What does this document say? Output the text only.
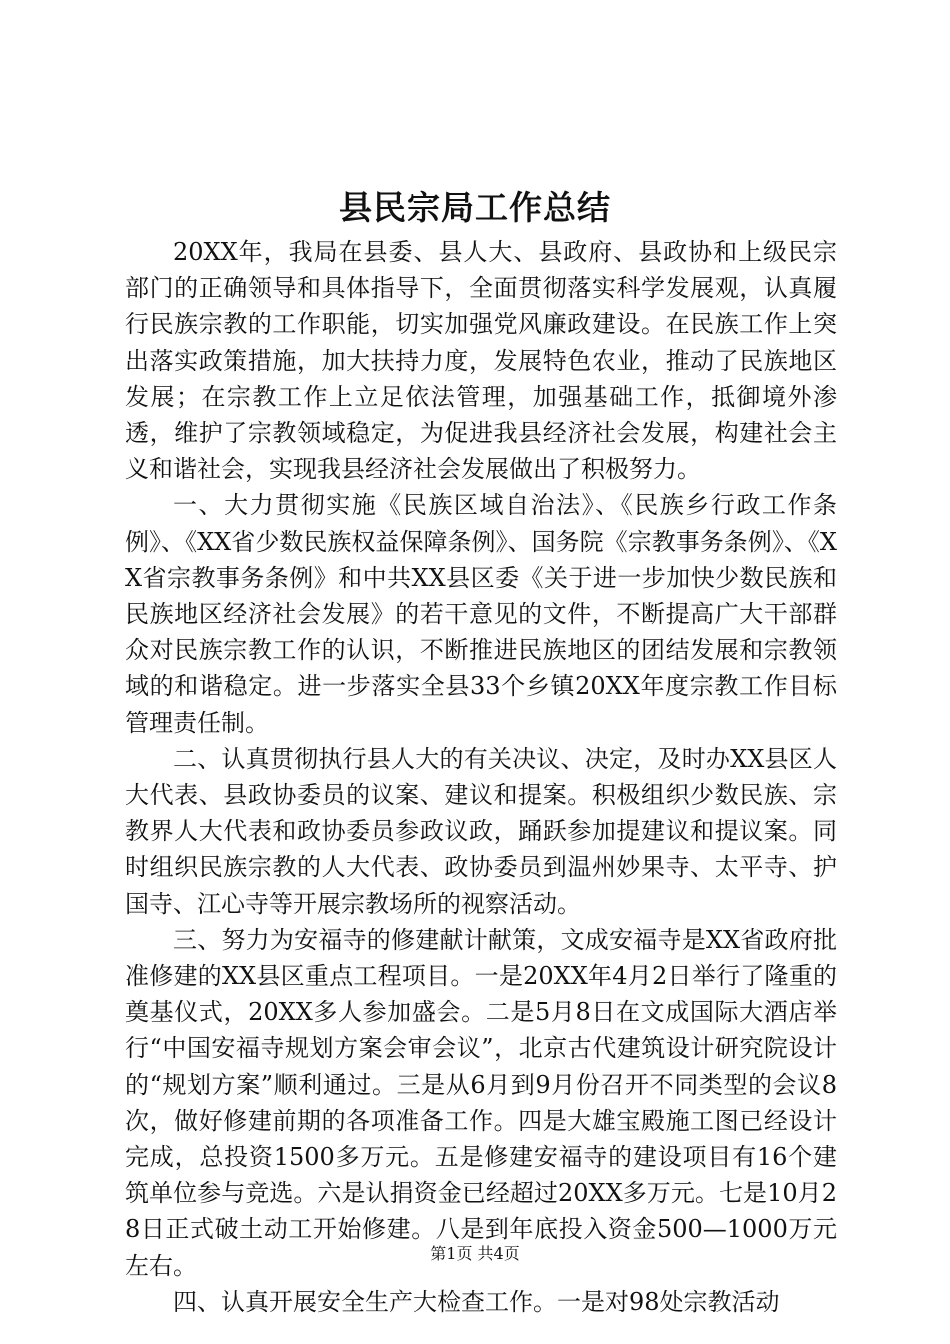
县民宗局工作总结

20XX年，我局在县委、县人大、县政府、县政协和上级民宗部门的正确领导和具体指导下，全面贯彻落实科学发展观，认真履行民族宗教的工作职能，切实加强党风廉政建设。在民族工作上突出落实政策措施，加大扶持力度，发展特色农业，推动了民族地区发展；在宗教工作上立足依法管理，加强基础工作，抵御境外渗透，维护了宗教领域稳定，为促进我县经济社会发展，构建社会主义和谐社会，实现我县经济社会发展做出了积极努力。

一、大力贯彻实施《民族区域自治法》、《民族乡行政工作条例》、《XX省少数民族权益保障条例》、国务院《宗教事务条例》、《XX省宗教事务条例》和中共XX县区委《关于进一步加快少数民族和民族地区经济社会发展》的若干意见的文件，不断提高广大干部群众对民族宗教工作的认识，不断推进民族地区的团结发展和宗教领域的和谐稳定。进一步落实全县33个乡镇20XX年度宗教工作目标管理责任制。

二、认真贯彻执行县人大的有关决议、决定，及时办XX县区人大代表、县政协委员的议案、建议和提案。积极组织少数民族、宗教界人大代表和政协委员参政议政，踊跃参加提建议和提议案。同时组织民族宗教的人大代表、政协委员到温州妙果寺、太平寺、护国寺、江心寺等开展宗教场所的视察活动。

三、努力为安福寺的修建献计献策，文成安福寺是XX省政府批准修建的XX县区重点工程项目。一是20XX年4月2日举行了隆重的奠基仪式，20XX多人参加盛会。二是5月8日在文成国际大酒店举行“中国安福寺规划方案会审会议”，北京古代建筑设计研究院设计的“规划方案”顺利通过。三是从6月到9月份召开不同类型的会议8次，做好修建前期的各项准备工作。四是大雄宝殿施工图已经设计完成，总投资1500多万元。五是修建安福寺的建设项目有16个建筑单位参与竞选。六是认捐资金已经超过20XX多万元。七是10月28日正式破土动工开始修建。八是到年底投入资金500—1000万元左右。

四、认真开展安全生产大检查工作。一是对98处宗教活动

第1页 共4页
